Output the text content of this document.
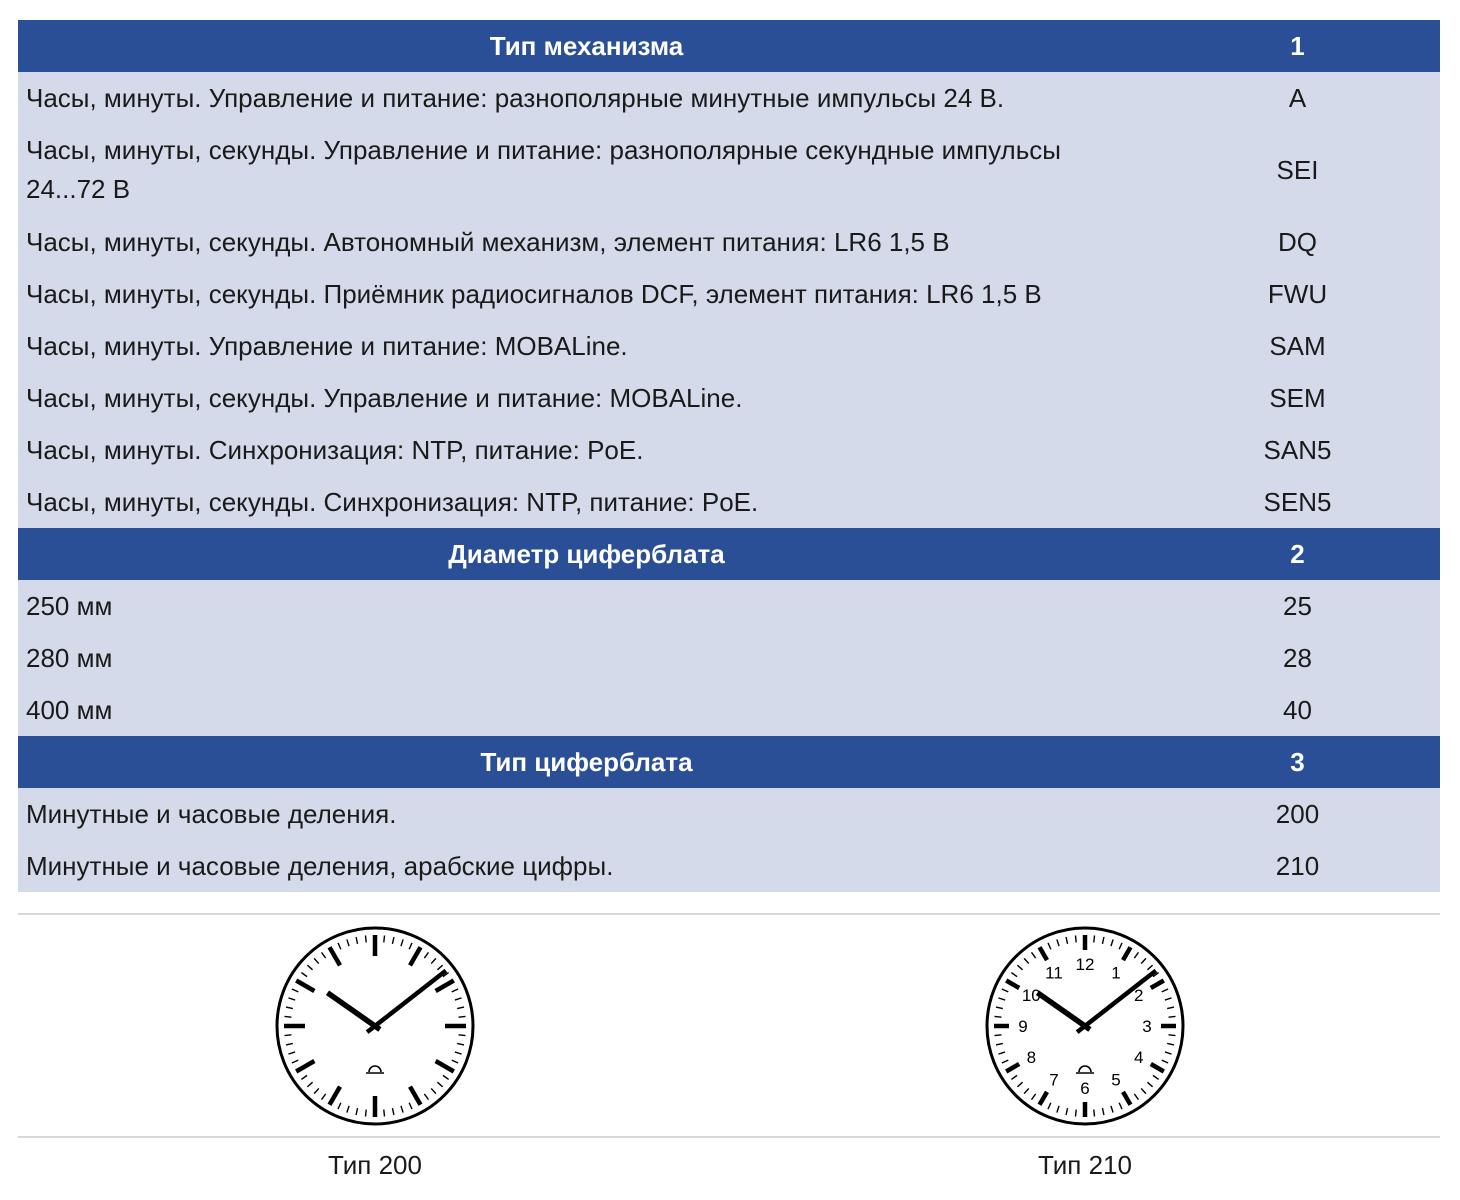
Тип механизма	1
Часы, минуты. Управление и питание: разнополярные минутные импульсы 24 В.	A
Часы, минуты, секунды. Управление и питание: разнополярные секундные импульсы 24...72 В	SEI
Часы, минуты, секунды. Автономный механизм, элемент питания: LR6 1,5 В	DQ
Часы, минуты, секунды. Приёмник радиосигналов DCF, элемент питания: LR6 1,5 В	FWU
Часы, минуты. Управление и питание: MOBALine.	SAM
Часы, минуты, секунды. Управление и питание: MOBALine.	SEM
Часы, минуты. Синхронизация: NTP, питание: PoE.	SAN5
Часы, минуты, секунды. Синхронизация: NTP, питание: PoE.	SEN5
Диаметр циферблата	2
250 мм	25
280 мм	28
400 мм	40
Тип циферблата	3
Минутные и часовые деления.	200
Минутные и часовые деления, арабские цифры.	210
12 1
2
3
4
5
6
7
8
9
10
11
Тип 200	Тип 210
